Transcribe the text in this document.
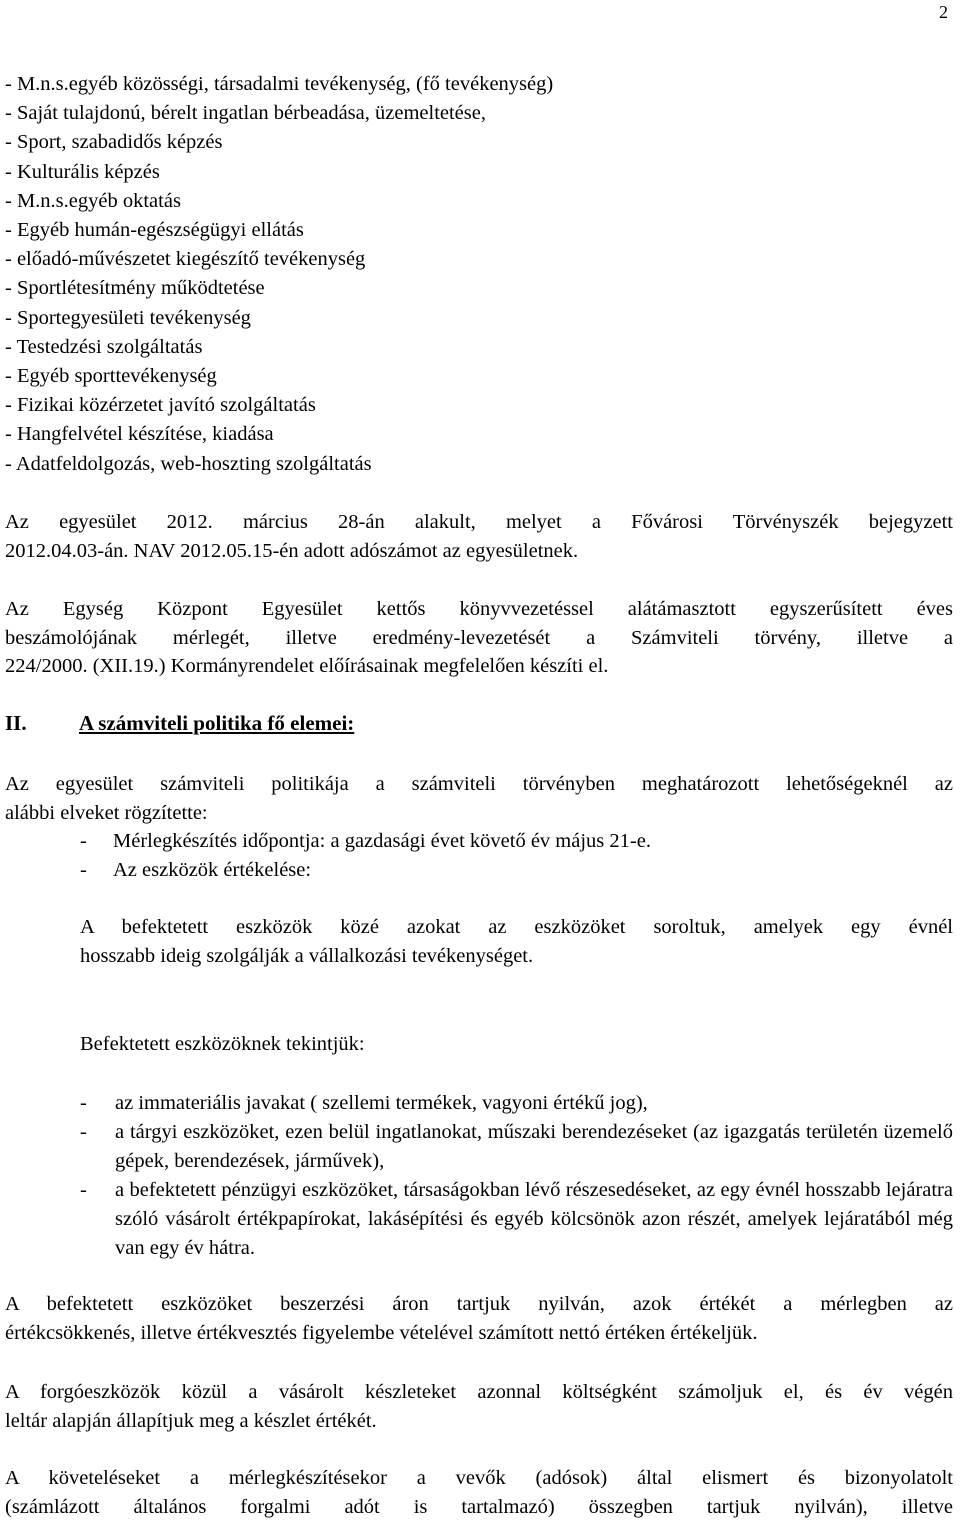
2
- M.n.s.egyéb közösségi, társadalmi tevékenység, (fő tevékenység)
- Saját tulajdonú, bérelt ingatlan bérbeadása, üzemeltetése,
- Sport, szabadidős képzés
- Kulturális képzés
- M.n.s.egyéb oktatás
- Egyéb humán-egészségügyi ellátás
- előadó-művészetet kiegészítő tevékenység
- Sportlétesítmény működtetése
- Sportegyesületi tevékenység
- Testedzési szolgáltatás
- Egyéb sporttevékenység
- Fizikai közérzetet javító szolgáltatás
- Hangfelvétel készítése, kiadása
- Adatfeldolgozás, web-hoszting szolgáltatás
Az egyesület 2012. március 28-án alakult, melyet a Fővárosi Törvényszék bejegyzett
2012.04.03-án. NAV 2012.05.15-én adott adószámot az egyesületnek.
Az Egység Központ Egyesület kettős könyvvezetéssel alátámasztott egyszerűsített éves
beszámolójának mérlegét, illetve eredmény-levezetését a Számviteli törvény, illetve a
224/2000. (XII.19.) Kormányrendelet előírásainak megfelelően készíti el.
II. A számviteli politika fő elemei:
Az egyesület számviteli politikája a számviteli törvényben meghatározott lehetőségeknél az
alábbi elveket rögzítette:
- Mérlegkészítés időpontja: a gazdasági évet követő év május 21-e.
- Az eszközök értékelése:
A befektetett eszközök közé azokat az eszközöket soroltuk, amelyek egy évnél
hosszabb ideig szolgálják a vállalkozási tevékenységet.
Befektetett eszközöknek tekintjük:
-	az immateriális javakat ( szellemi termékek, vagyoni értékű jog),
-	a tárgyi eszközöket, ezen belül ingatlanokat, műszaki berendezéseket (az igazgatás területén üzemelő gépek, berendezések, járművek),
-	a befektetett pénzügyi eszközöket, társaságokban lévő részesedéseket, az egy évnél hosszabb lejáratra szóló vásárolt értékpapírokat, lakásépítési és egyéb kölcsönök azon részét, amelyek lejáratából még van egy év hátra.
A befektetett eszközöket beszerzési áron tartjuk nyilván, azok értékét a mérlegben az
értékcsökkenés, illetve értékvesztés figyelembe vételével számított nettó értéken értékeljük.
A forgóeszközök közül a vásárolt készleteket azonnal költségként számoljuk el, és év végén
leltár alapján állapítjuk meg a készlet értékét.
A követeléseket a mérlegkészítésekor a vevők (adósok) által elismert és bizonyolatolt
(számlázott általános forgalmi adót is tartalmazó) összegben tartjuk nyilván), illetve
